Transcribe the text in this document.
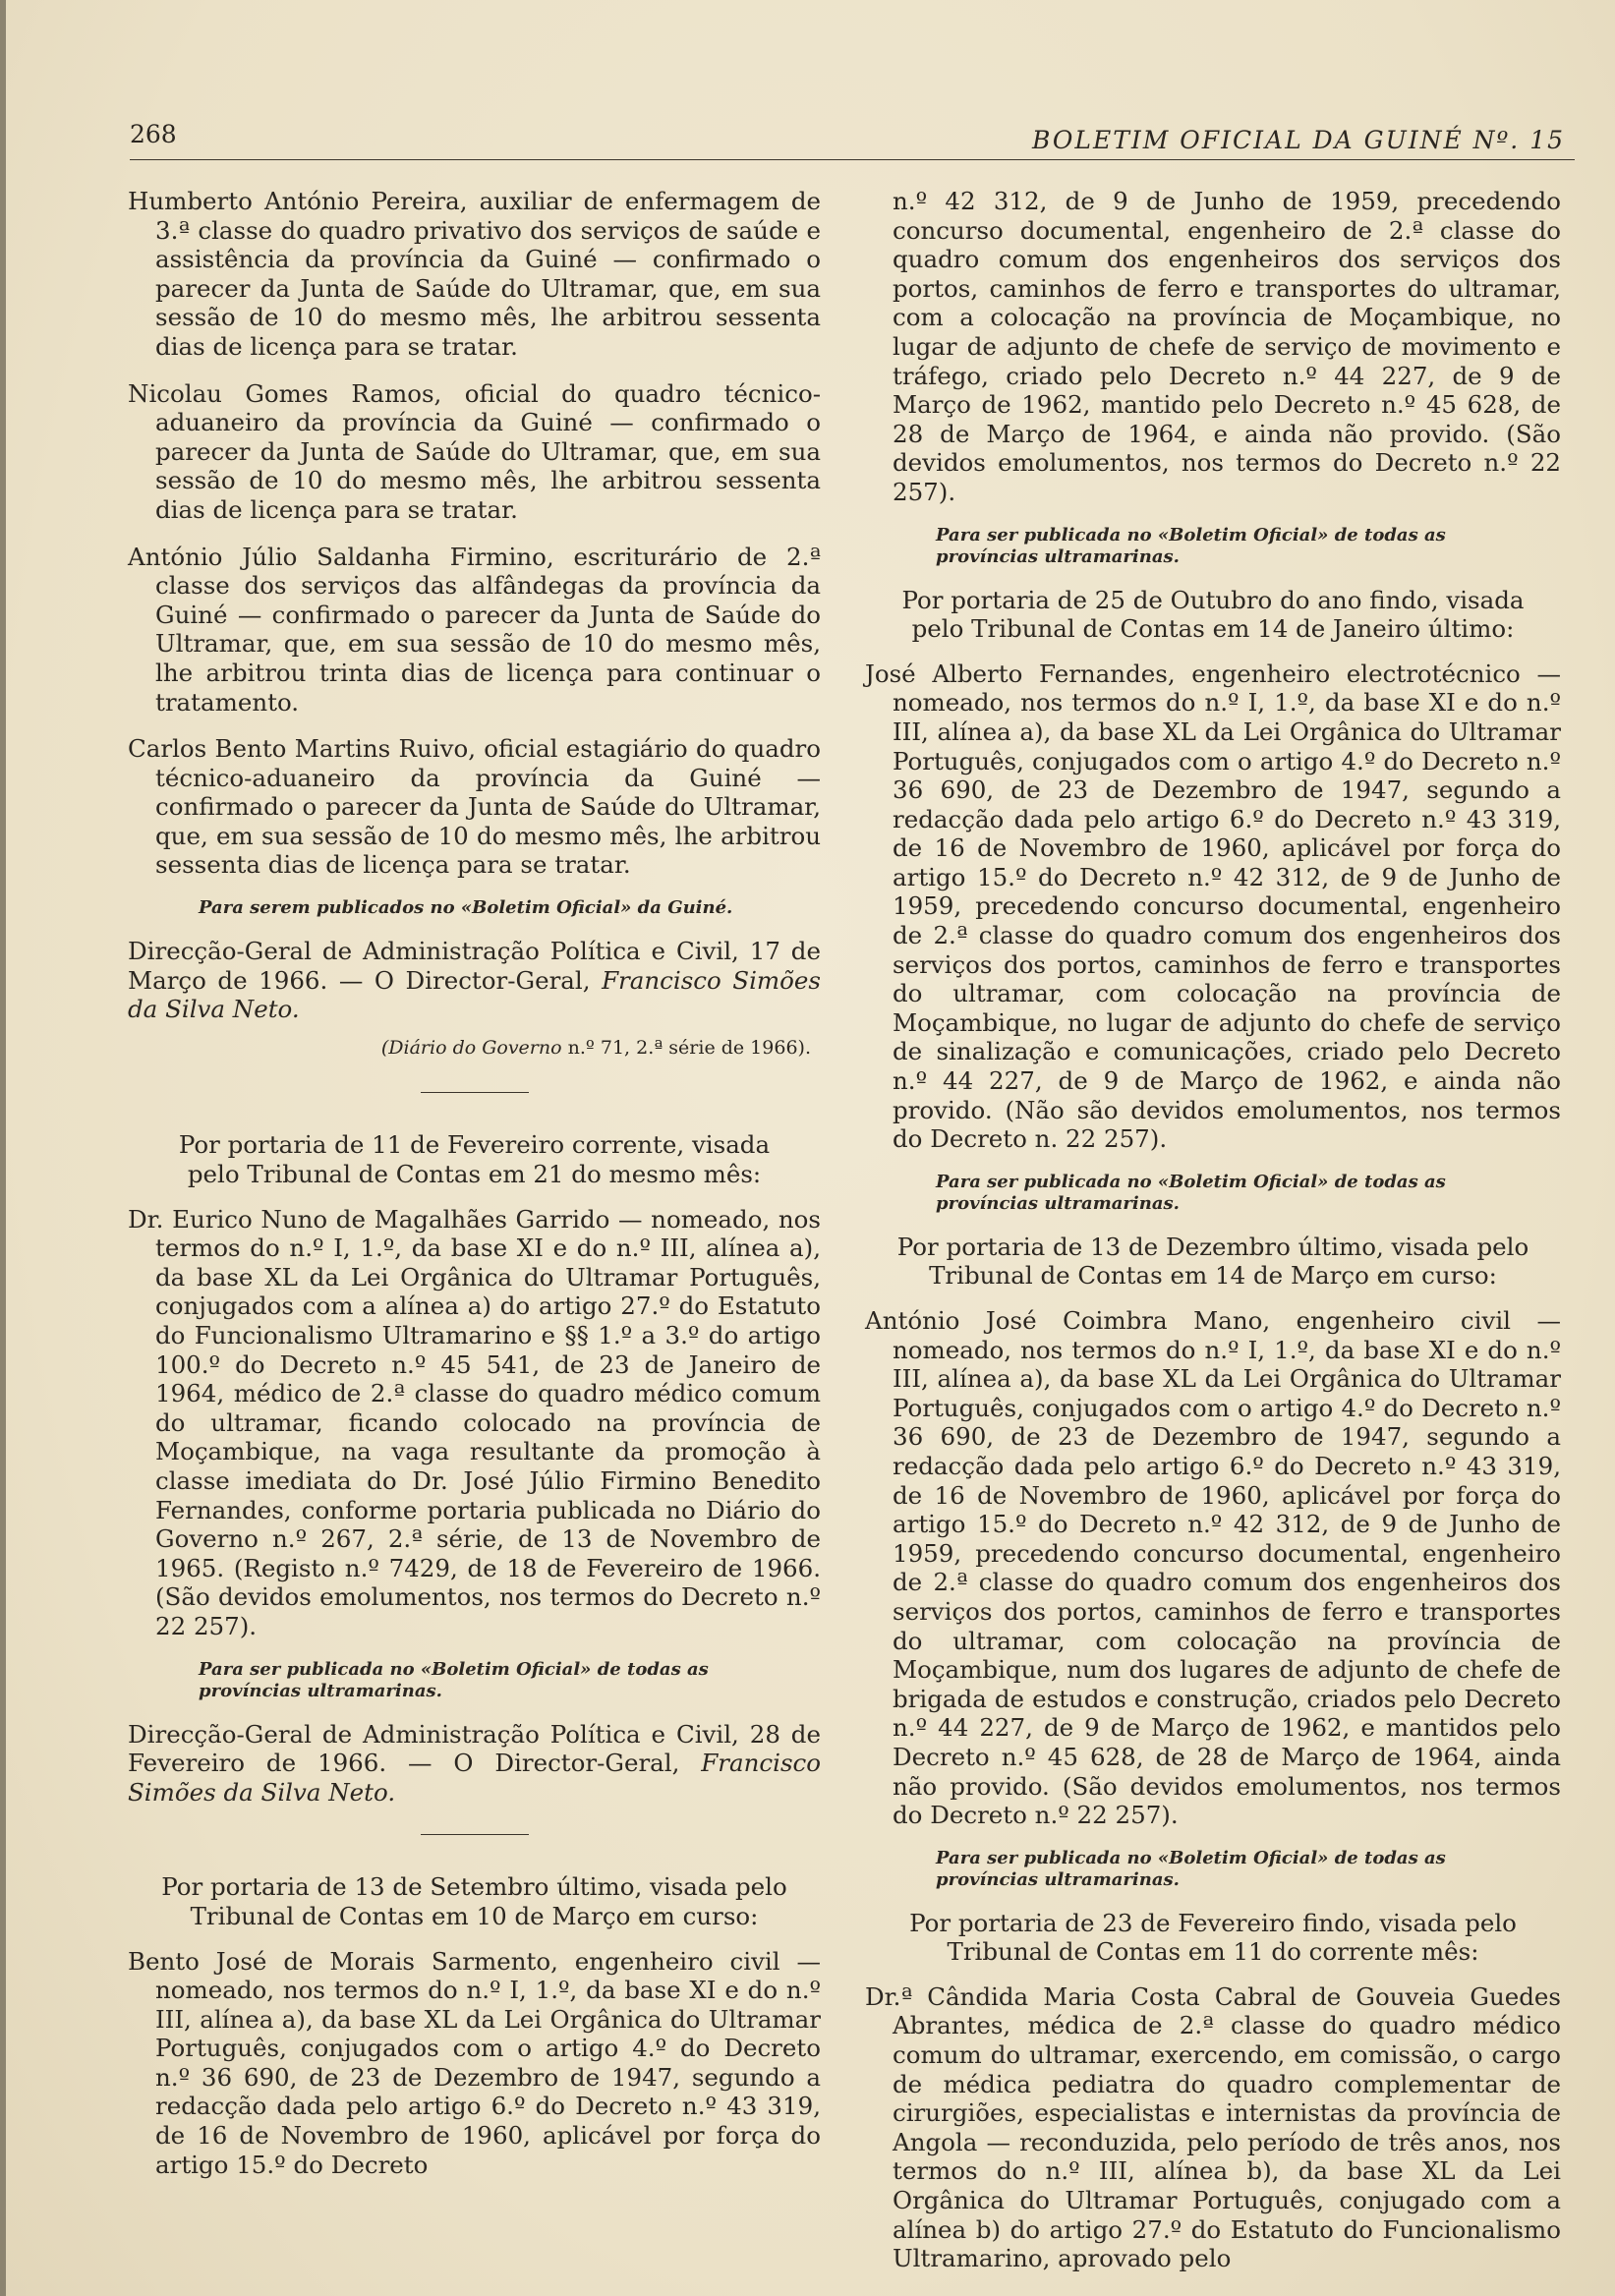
268	BOLETIM OFICIAL DA GUINÉ Nº. 15

Humberto António Pereira, auxiliar de enfermagem de 3.ª classe do quadro privativo dos serviços de saúde e assistência da província da Guiné — confirmado o parecer da Junta de Saúde do Ultramar, que, em sua sessão de 10 do mesmo mês, lhe arbitrou sessenta dias de licença para se tratar.

Nicolau Gomes Ramos, oficial do quadro técnico-aduaneiro da província da Guiné — confirmado o parecer da Junta de Saúde do Ultramar, que, em sua sessão de 10 do mesmo mês, lhe arbitrou sessenta dias de licença para se tratar.

António Júlio Saldanha Firmino, escriturário de 2.ª classe dos serviços das alfândegas da província da Guiné — confirmado o parecer da Junta de Saúde do Ultramar, que, em sua sessão de 10 do mesmo mês, lhe arbitrou trinta dias de licença para continuar o tratamento.

Carlos Bento Martins Ruivo, oficial estagiário do quadro técnico-aduaneiro da província da Guiné — confirmado o parecer da Junta de Saúde do Ultramar, que, em sua sessão de 10 do mesmo mês, lhe arbitrou sessenta dias de licença para se tratar.

Para serem publicados no «Boletim Oficial» da Guiné.

Direcção-Geral de Administração Política e Civil, 17 de Março de 1966. — O Director-Geral, Francisco Simões da Silva Neto.

(Diário do Governo n.º 71, 2.ª série de 1966).

Por portaria de 11 de Fevereiro corrente, visada pelo Tribunal de Contas em 21 do mesmo mês:

Dr. Eurico Nuno de Magalhães Garrido — nomeado, nos termos do n.º I, 1.º, da base XI e do n.º III, alínea a), da base XL da Lei Orgânica do Ultramar Português, conjugados com a alínea a) do artigo 27.º do Estatuto do Funcionalismo Ultramarino e §§ 1.º a 3.º do artigo 100.º do Decreto n.º 45 541, de 23 de Janeiro de 1964, médico de 2.ª classe do quadro médico comum do ultramar, ficando colocado na província de Moçambique, na vaga resultante da promoção à classe imediata do Dr. José Júlio Firmino Benedito Fernandes, conforme portaria publicada no Diário do Governo n.º 267, 2.ª série, de 13 de Novembro de 1965. (Registo n.º 7429, de 18 de Fevereiro de 1966. (São devidos emolumentos, nos termos do Decreto n.º 22 257).

Para ser publicada no «Boletim Oficial» de todas as províncias ultramarinas.

Direcção-Geral de Administração Política e Civil, 28 de Fevereiro de 1966. — O Director-Geral, Francisco Simões da Silva Neto.

Por portaria de 13 de Setembro último, visada pelo Tribunal de Contas em 10 de Março em curso:

Bento José de Morais Sarmento, engenheiro civil — nomeado, nos termos do n.º I, 1.º, da base XI e do n.º III, alínea a), da base XL da Lei Orgânica do Ultramar Português, conjugados com o artigo 4.º do Decreto n.º 36 690, de 23 de Dezembro de 1947, segundo a redacção dada pelo artigo 6.º do Decreto n.º 43 319, de 16 de Novembro de 1960, aplicável por força do artigo 15.º do Decreto

n.º 42 312, de 9 de Junho de 1959, precedendo concurso documental, engenheiro de 2.ª classe do quadro comum dos engenheiros dos serviços dos portos, caminhos de ferro e transportes do ultramar, com a colocação na província de Moçambique, no lugar de adjunto de chefe de serviço de movimento e tráfego, criado pelo Decreto n.º 44 227, de 9 de Março de 1962, mantido pelo Decreto n.º 45 628, de 28 de Março de 1964, e ainda não provido. (São devidos emolumentos, nos termos do Decreto n.º 22 257).

Para ser publicada no «Boletim Oficial» de todas as províncias ultramarinas.

Por portaria de 25 de Outubro do ano findo, visada pelo Tribunal de Contas em 14 de Janeiro último:

José Alberto Fernandes, engenheiro electrotécnico — nomeado, nos termos do n.º I, 1.º, da base XI e do n.º III, alínea a), da base XL da Lei Orgânica do Ultramar Português, conjugados com o artigo 4.º do Decreto n.º 36 690, de 23 de Dezembro de 1947, segundo a redacção dada pelo artigo 6.º do Decreto n.º 43 319, de 16 de Novembro de 1960, aplicável por força do artigo 15.º do Decreto n.º 42 312, de 9 de Junho de 1959, precedendo concurso documental, engenheiro de 2.ª classe do quadro comum dos engenheiros dos serviços dos portos, caminhos de ferro e transportes do ultramar, com colocação na província de Moçambique, no lugar de adjunto do chefe de serviço de sinalização e comunicações, criado pelo Decreto n.º 44 227, de 9 de Março de 1962, e ainda não provido. (Não são devidos emolumentos, nos termos do Decreto n. 22 257).

Para ser publicada no «Boletim Oficial» de todas as províncias ultramarinas.

Por portaria de 13 de Dezembro último, visada pelo Tribunal de Contas em 14 de Março em curso:

António José Coimbra Mano, engenheiro civil — nomeado, nos termos do n.º I, 1.º, da base XI e do n.º III, alínea a), da base XL da Lei Orgânica do Ultramar Português, conjugados com o artigo 4.º do Decreto n.º 36 690, de 23 de Dezembro de 1947, segundo a redacção dada pelo artigo 6.º do Decreto n.º 43 319, de 16 de Novembro de 1960, aplicável por força do artigo 15.º do Decreto n.º 42 312, de 9 de Junho de 1959, precedendo concurso documental, engenheiro de 2.ª classe do quadro comum dos engenheiros dos serviços dos portos, caminhos de ferro e transportes do ultramar, com colocação na província de Moçambique, num dos lugares de adjunto de chefe de brigada de estudos e construção, criados pelo Decreto n.º 44 227, de 9 de Março de 1962, e mantidos pelo Decreto n.º 45 628, de 28 de Março de 1964, ainda não provido. (São devidos emolumentos, nos termos do Decreto n.º 22 257).

Para ser publicada no «Boletim Oficial» de todas as províncias ultramarinas.

Por portaria de 23 de Fevereiro findo, visada pelo Tribunal de Contas em 11 do corrente mês:

Dr.ª Cândida Maria Costa Cabral de Gouveia Guedes Abrantes, médica de 2.ª classe do quadro médico comum do ultramar, exercendo, em comissão, o cargo de médica pediatra do quadro complementar de cirurgiões, especialistas e internistas da província de Angola — reconduzida, pelo período de três anos, nos termos do n.º III, alínea b), da base XL da Lei Orgânica do Ultramar Português, conjugado com a alínea b) do artigo 27.º do Estatuto do Funcionalismo Ultramarino, aprovado pelo
